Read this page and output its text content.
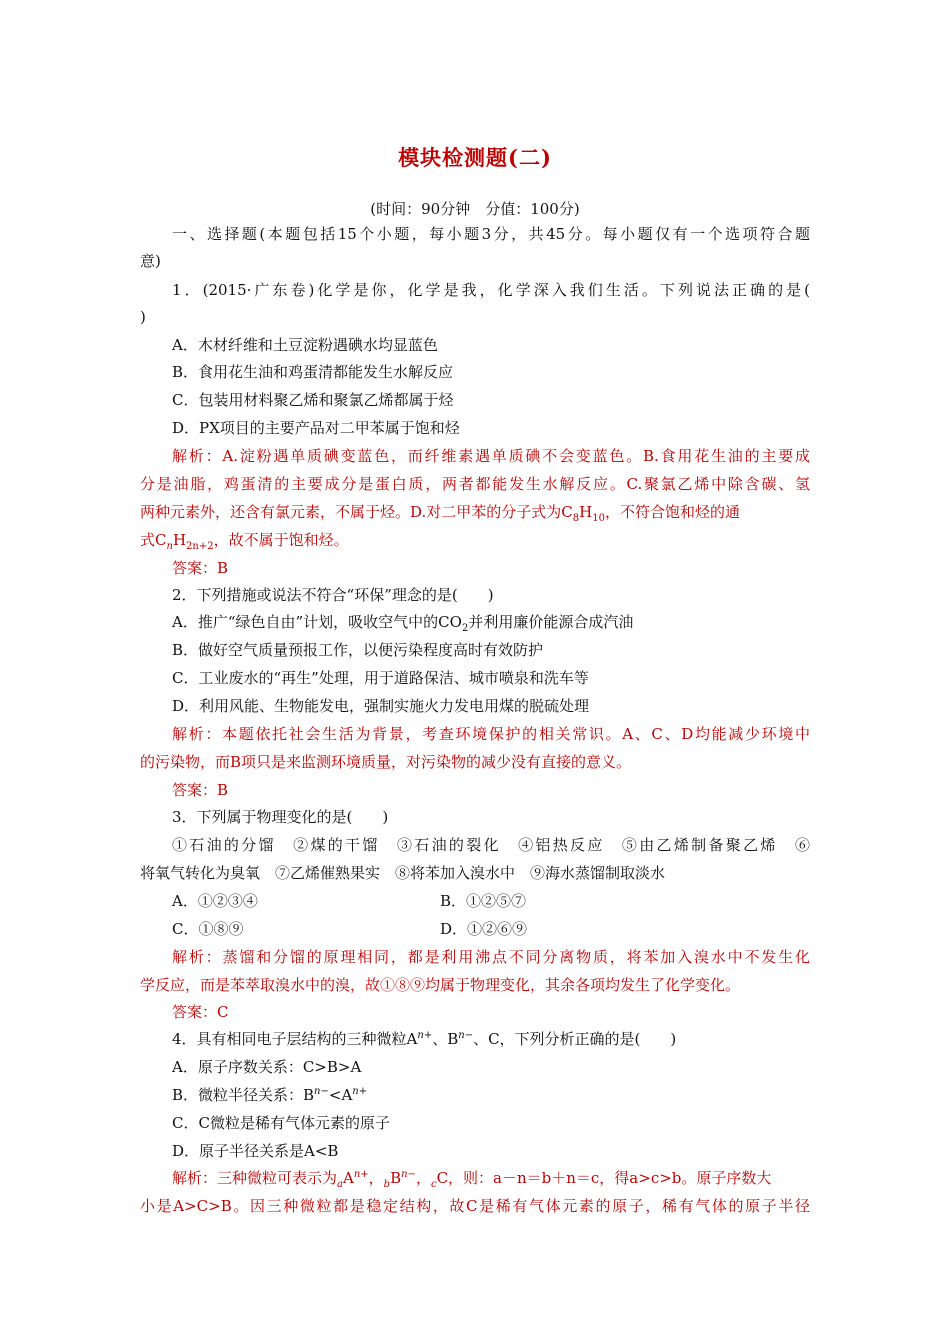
模块检测题(二)
(时间：90分钟　分值：100分)
一、选择题(本题包括15个小题，每小题3分，共45分。每小题仅有一个选项符合题
意)
1．(2015·广东卷)化学是你，化学是我，化学深入我们生活。下列说法正确的是(
)
A．木材纤维和土豆淀粉遇碘水均显蓝色
B．食用花生油和鸡蛋清都能发生水解反应
C．包装用材料聚乙烯和聚氯乙烯都属于烃
D．PX项目的主要产品对二甲苯属于饱和烃
解析：A.淀粉遇单质碘变蓝色，而纤维素遇单质碘不会变蓝色。B.食用花生油的主要成
分是油脂，鸡蛋清的主要成分是蛋白质，两者都能发生水解反应。C.聚氯乙烯中除含碳、氢
两种元素外，还含有氯元素，不属于烃。D.对二甲苯的分子式为$C_8H_{10}$，不符合饱和烃的通
式$C_nH_{2n+2}$，故不属于饱和烃。
答案：B
2．下列措施或说法不符合“环保”理念的是(　　)
A．推广“绿色自由”计划，吸收空气中的$CO_2$并利用廉价能源合成汽油
B．做好空气质量预报工作，以便污染程度高时有效防护
C．工业废水的“再生”处理，用于道路保洁、城市喷泉和洗车等
D．利用风能、生物能发电，强制实施火力发电用煤的脱硫处理
解析：本题依托社会生活为背景，考查环境保护的相关常识。A、C、D均能减少环境中
的污染物，而B项只是来监测环境质量，对污染物的减少没有直接的意义。
答案：B
3．下列属于物理变化的是(　　)
①石油的分馏　②煤的干馏　③石油的裂化　④铝热反应　⑤由乙烯制备聚乙烯　⑥
将氧气转化为臭氧　⑦乙烯催熟果实　⑧将苯加入溴水中　⑨海水蒸馏制取淡水
A．①②③④	B．①②⑤⑦
C．①⑧⑨	D．①②⑥⑨
解析：蒸馏和分馏的原理相同，都是利用沸点不同分离物质，将苯加入溴水中不发生化
学反应，而是苯萃取溴水中的溴，故①⑧⑨均属于物理变化，其余各项均发生了化学变化。
答案：C
4．具有相同电子层结构的三种微粒$A^{n+}$、$B^{n-}$、C，下列分析正确的是(　　)
A．原子序数关系：C>B>A
B．微粒半径关系：$B^{n-}<A^{n+}$
C．C微粒是稀有气体元素的原子
D．原子半径关系是A<B
解析：三种微粒可表示为$_aA^{n+}$，$_bB^{n-}$，$_c$C，则：a－n＝b＋n＝c，得a>c>b。原子序数大
小是A>C>B。因三种微粒都是稳定结构，故C是稀有气体元素的原子，稀有气体的原子半径
